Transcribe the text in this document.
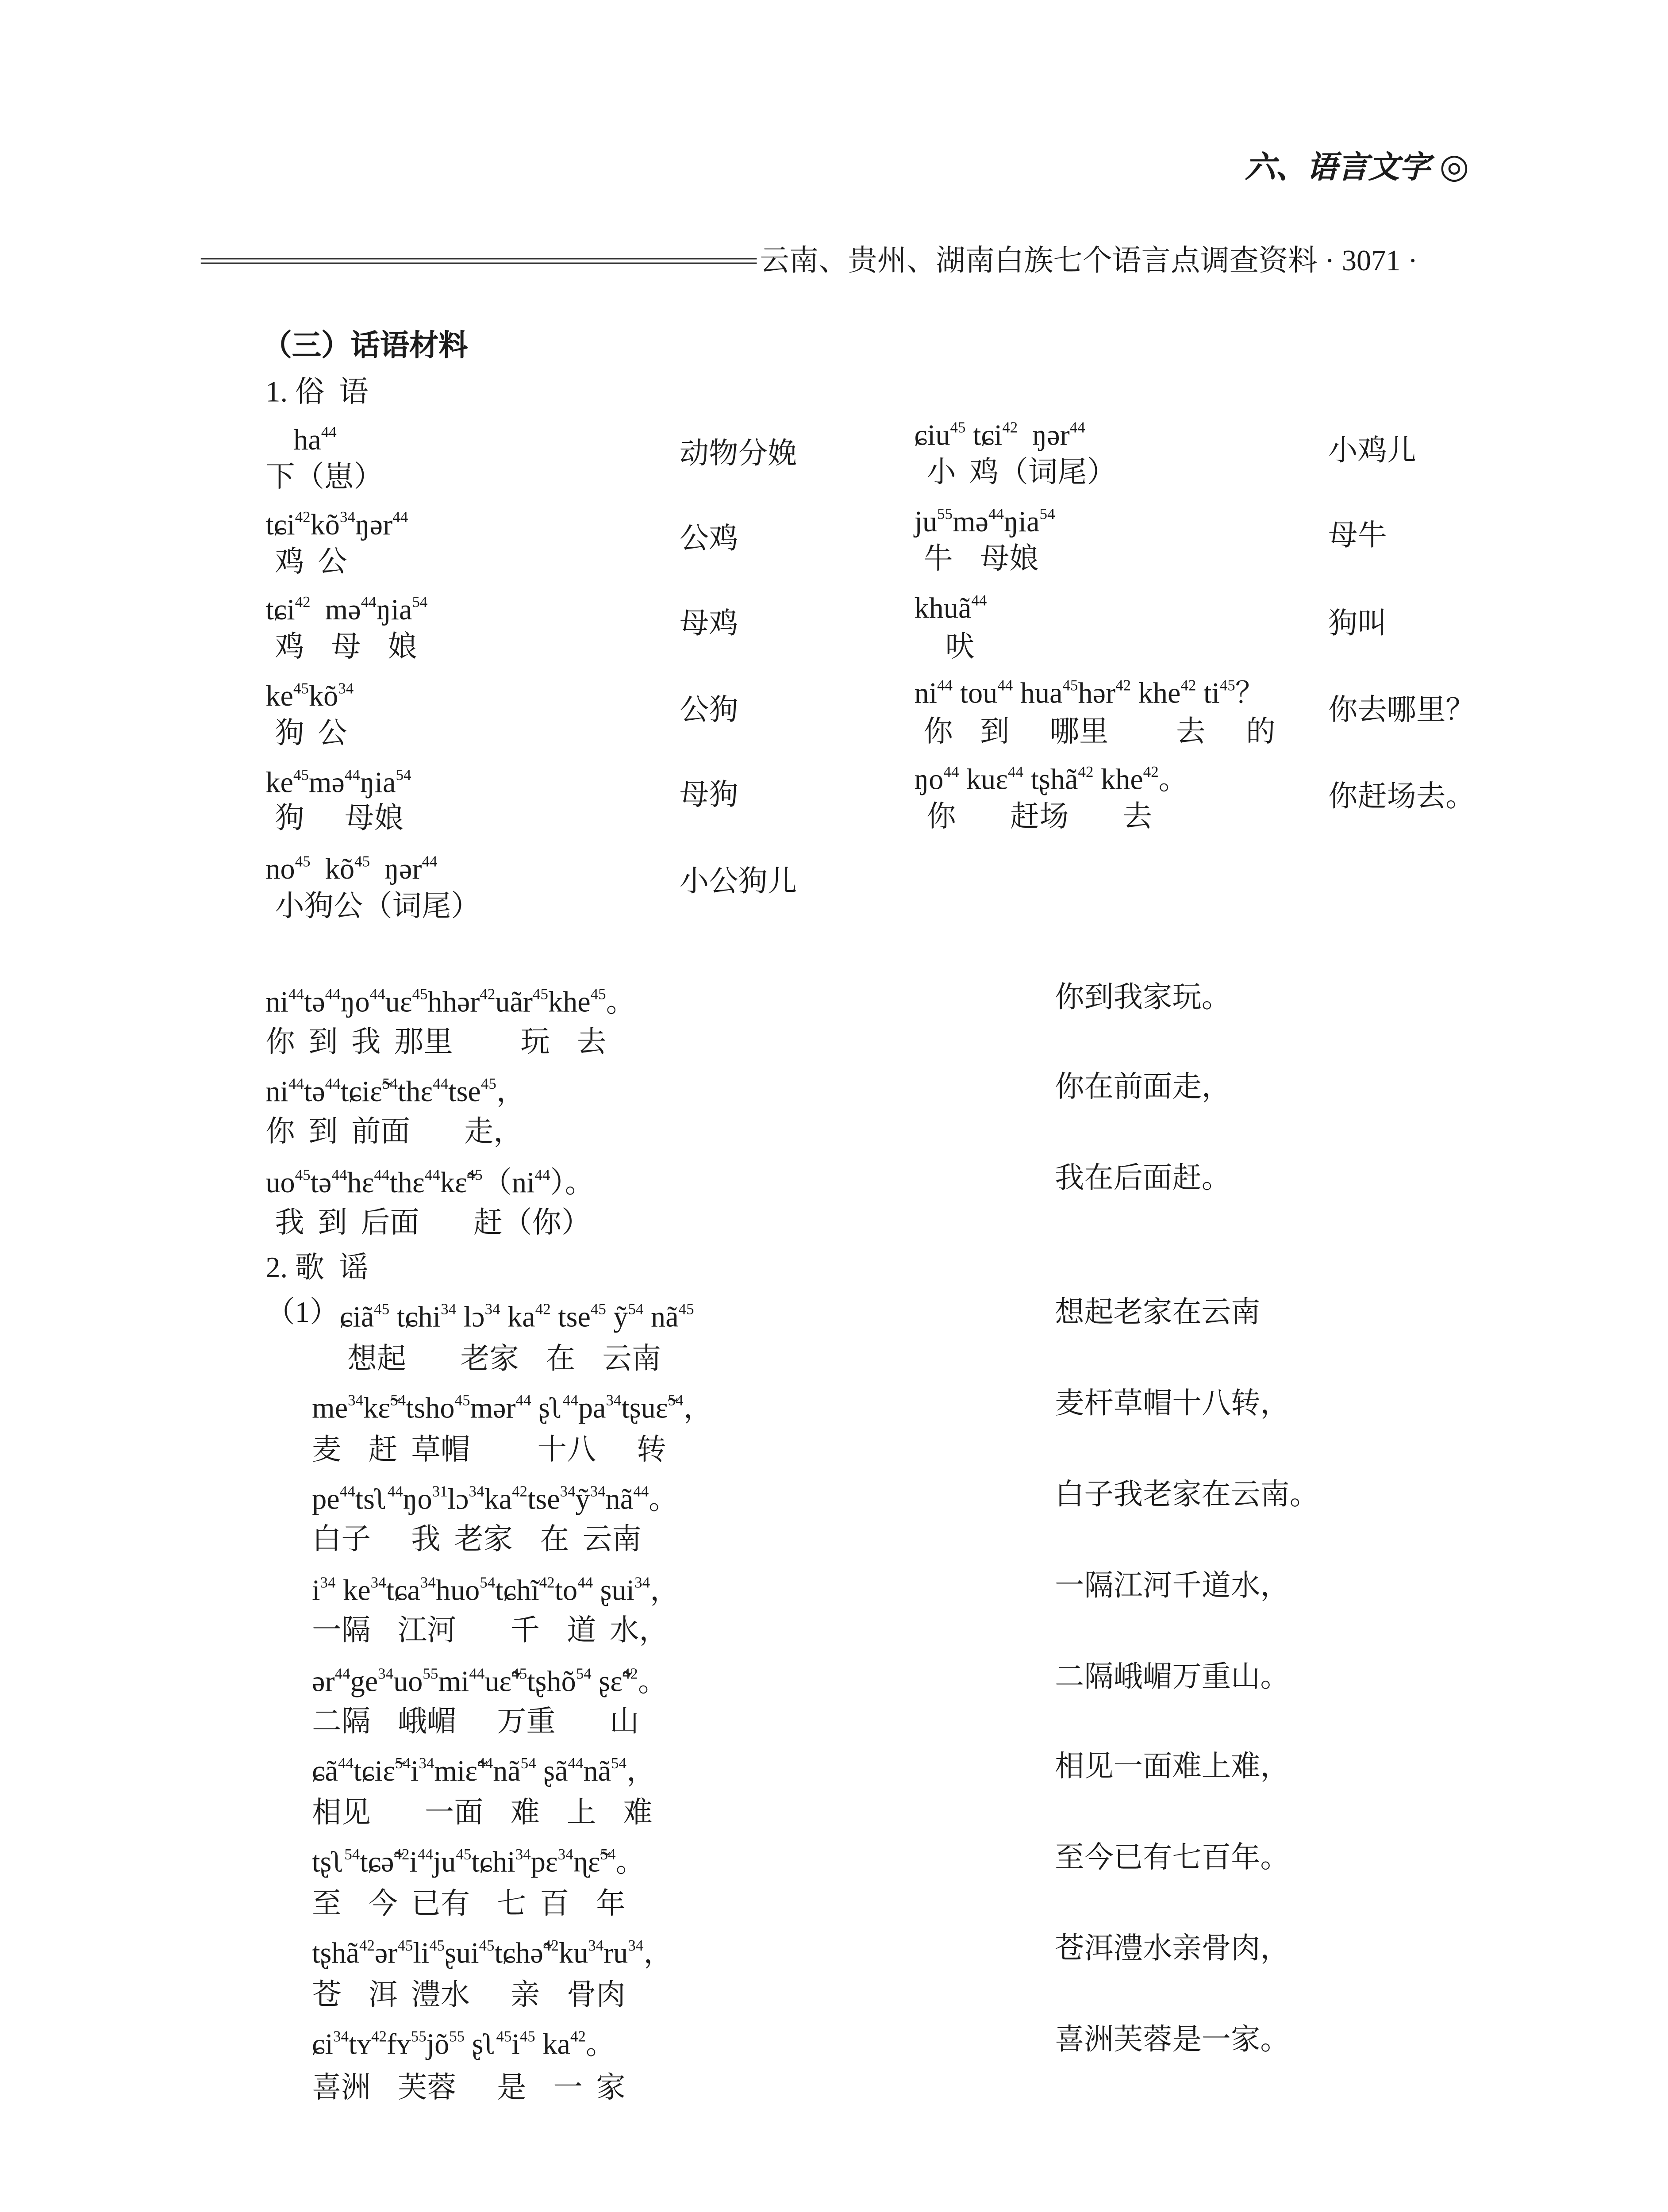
六、语言文字 ◎
云南、贵州、湖南白族七个语言点调查资料 · 3071 ·
（三）话语材料
1. 俗  语
$ha^{44}$
下（崽）
动物分娩
$tɕi^{42}kõ^{34}ŋər^{44}$
鸡 公
公鸡
tɕi$^{42}$  mə$^{44}$ŋia$^{54}$
鸡  母  娘
母鸡
$ke^{45}kõ^{34}$
狗 公
公狗
$ke^{45}mə^{44}ŋia^{54}$
狗   母娘
母狗
$no^{45}$  $kõ^{45}$  ŋər$^{44}$
小狗公（词尾）
小公狗儿
ɕiu$^{45}$ tɕi$^{42}$  ŋər$^{44}$
小 鸡（词尾）
小鸡儿
$ju^{55}mə^{44}ŋia^{54}$
牛  母娘
母牛
khuã$^{44}$
吠
狗叫
$ni^{44}$ tou$^{44}$ hua$^{45}$hər$^{42}$ khe$^{42}$ $ti^{45}$？
你  到   哪里     去   的
你去哪里？
$ŋo^{44}$ kuɛ$^{44}$ tʂhã$^{42}$ khe$^{42}$。
你    赶场    去
你赶场去。
$ni^{44}tə^{44}ŋo^{44}uɛ^{45}hhər^{42}uãr^{45}khe^{45}$。
你 到 我 那里     玩  去
你到我家玩。
$ni^{44}tə^{44}tɕiɛ̃^{54}thɛ^{44}tse^{45}$，
你 到 前面    走，
你在前面走，
$uo^{45}tə^{44}hɛ^{44}thɛ^{44}kɛ̃^{45}(ni^{44})$。
我 到 后面    赶（你）
我在后面赶。
2. 歌  谣
（1） ɕiã$^{45}$ tɕhi$^{34}$ lɔ$^{34}$ $ka^{42}$ tse$^{45}$ ỹ$^{54}$ $nã^{45}$
想起    老家  在  云南
想起老家在云南
$me^{34}kɛ̃^{54}tsho^{45}mər^{44}$ $ʂʅ^{44}pa^{34}tʂuɛ̃^{54}$，
麦  赶 草帽     十八   转
麦杆草帽十八转，
$pe^{44}tsʅ^{44}ŋo^{31}lɔ^{34}ka^{42}tse^{34}ỹ^{34}nã^{44}$。
白子   我 老家  在 云南
白子我老家在云南。
$i^{34}$ $ke^{34}tɕa^{34}huo^{54}tɕhĩ^{42}to^{44}$ ʂui$^{34}$，
一隔  江河    千  道 水，
一隔江河千道水，
$ər^{44}ge^{34}uo^{55}mi^{44}uɛ̃^{45}tʂhõ^{54}$ ʂɛ̃$^{42}$。
二隔  峨嵋   万重    山
二隔峨嵋万重山。
$ɕã^{44}tɕiɛ̃^{54}i^{34}miɛ̃^{44}nã^{54}$ $ʂã^{44}nã^{54}$，
相见    一面  难  上  难
相见一面难上难，
$tʂʅ^{54}tɕə̃^{42}i^{44}ju^{45}tɕhi^{34}pɛ^{34}ɳɛ̃^{54}$。
至  今 已有  七 百  年
至今已有七百年。
$tʂhã^{42}ər^{45}li^{45}ʂui^{45}tɕhə̃^{42}ku^{34}ru^{34}$，
苍  洱 澧水   亲  骨肉
苍洱澧水亲骨肉，
$ɕi^{34}tʏ^{42}fʏ^{55}jõ^{55}$ $ʂʅ^{45}i^{45}$ $ka^{42}$。
喜洲  芙蓉   是  一 家
喜洲芙蓉是一家。
